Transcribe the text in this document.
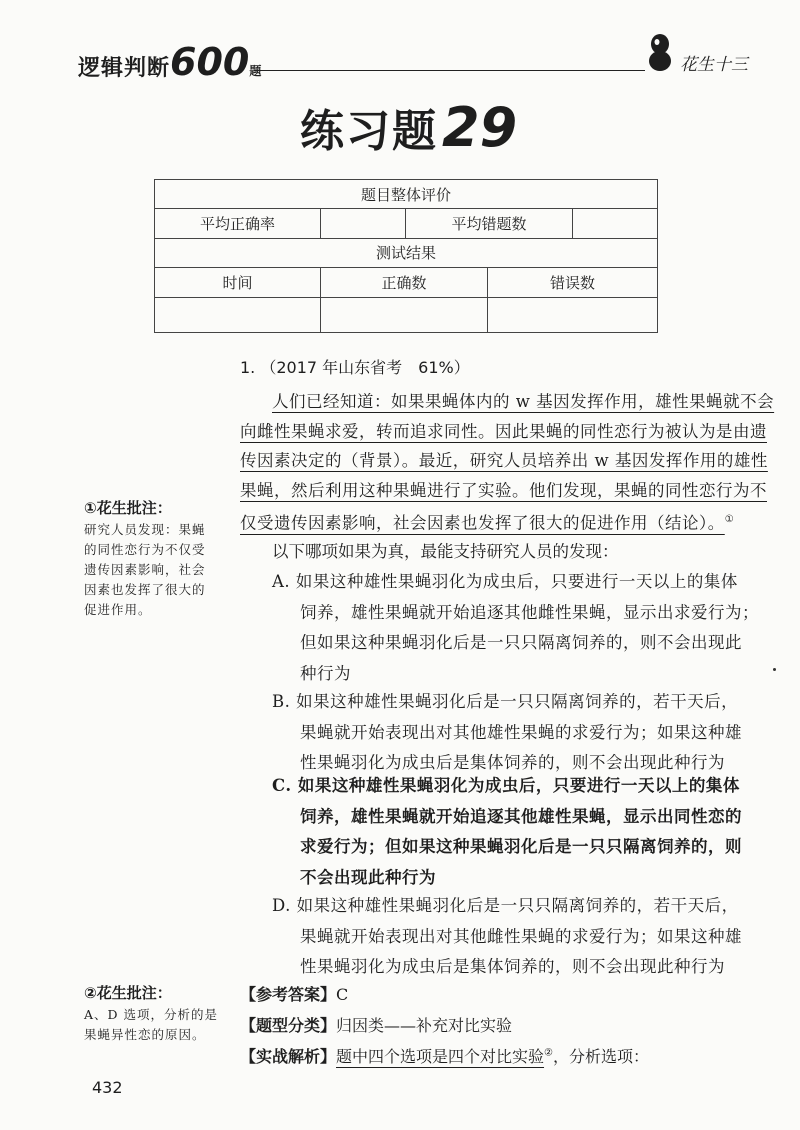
逻辑判断600题	花生十三
练习题29
题目整体评价				
平均正确率		平均错题数		
测试结果				
时间	正确数		错误数	

1. （2017 年山东省考　61%）
人们已经知道：如果果蝇体内的 w 基因发挥作用，雄性果蝇就不会
向雌性果蝇求爱，转而追求同性。因此果蝇的同性恋行为被认为是由遗
传因素决定的（背景）。最近，研究人员培养出 w 基因发挥作用的雄性
果蝇，然后利用这种果蝇进行了实验。他们发现，果蝇的同性恋行为不
仅受遗传因素影响，社会因素也发挥了很大的促进作用（结论）。①
以下哪项如果为真，最能支持研究人员的发现：
A. 如果这种雄性果蝇羽化为成虫后，只要进行一天以上的集体
饲养，雄性果蝇就开始追逐其他雌性果蝇，显示出求爱行为；
但如果这种果蝇羽化后是一只只隔离饲养的，则不会出现此
种行为
B. 如果这种雄性果蝇羽化后是一只只隔离饲养的，若干天后，
果蝇就开始表现出对其他雄性果蝇的求爱行为；如果这种雄
性果蝇羽化为成虫后是集体饲养的，则不会出现此种行为
C. 如果这种雄性果蝇羽化为成虫后，只要进行一天以上的集体
饲养，雄性果蝇就开始追逐其他雄性果蝇，显示出同性恋的
求爱行为；但如果这种果蝇羽化后是一只只隔离饲养的，则
不会出现此种行为
D. 如果这种雄性果蝇羽化后是一只只隔离饲养的，若干天后，
果蝇就开始表现出对其他雌性果蝇的求爱行为；如果这种雄
性果蝇羽化为成虫后是集体饲养的，则不会出现此种行为
①花生批注：
研究人员发现：果蝇
的同性恋行为不仅受
遗传因素影响，社会
因素也发挥了很大的
促进作用。
②花生批注：
A、D 选项，分析的是
果蝇异性恋的原因。
【参考答案】C
【题型分类】归因类——补充对比实验
【实战解析】题中四个选项是四个对比实验②，分析选项：
432
